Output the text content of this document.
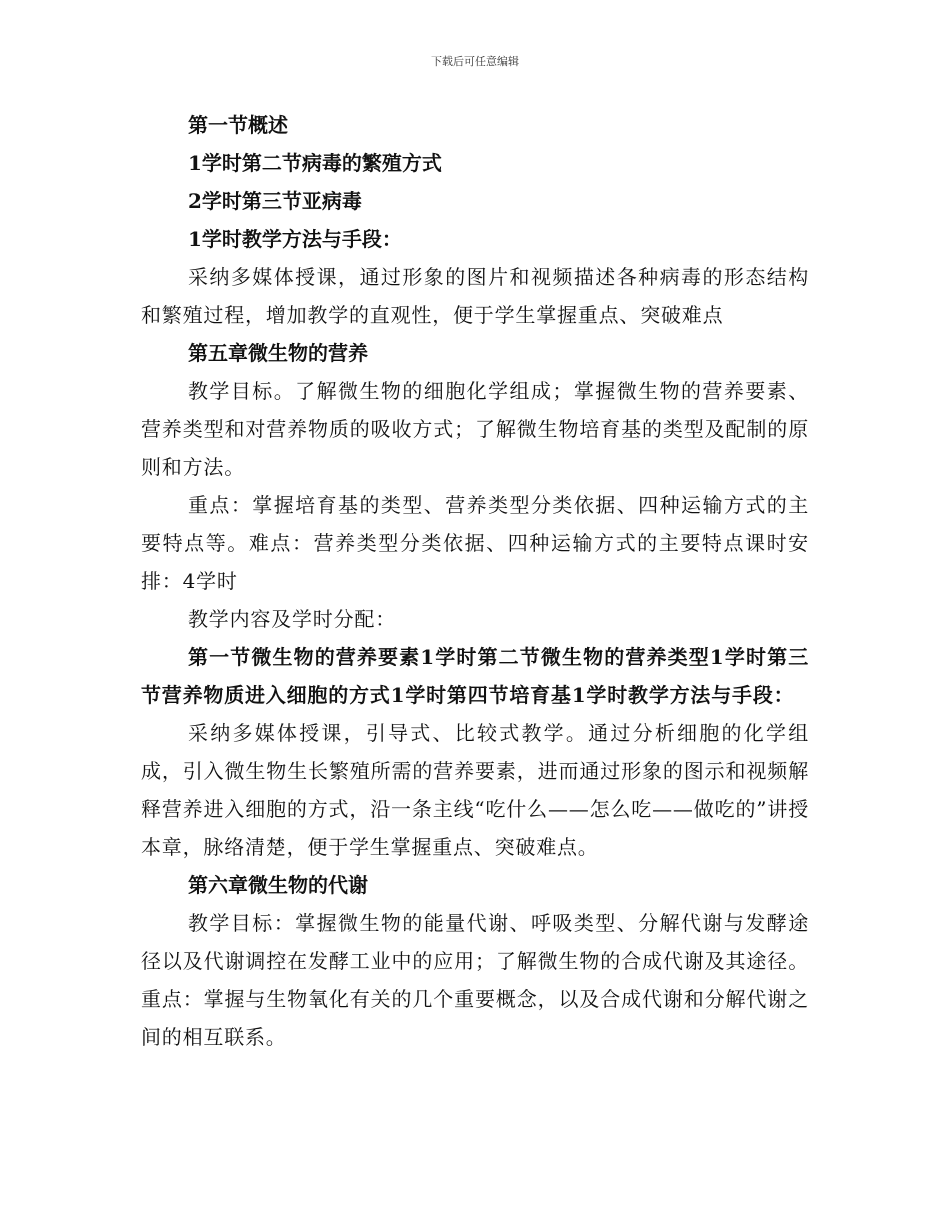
下载后可任意编辑
第一节概述
1学时第二节病毒的繁殖方式
2学时第三节亚病毒
1学时教学方法与手段：

采纳多媒体授课，通过形象的图片和视频描述各种病毒的形态结构和繁殖过程，增加教学的直观性，便于学生掌握重点、突破难点

第五章微生物的营养

教学目标。了解微生物的细胞化学组成；掌握微生物的营养要素、营养类型和对营养物质的吸收方式；了解微生物培育基的类型及配制的原则和方法。

重点：掌握培育基的类型、营养类型分类依据、四种运输方式的主要特点等。难点：营养类型分类依据、四种运输方式的主要特点课时安排：4学时

教学内容及学时分配：

第一节微生物的营养要素1学时第二节微生物的营养类型1学时第三节营养物质进入细胞的方式1学时第四节培育基1学时教学方法与手段：

采纳多媒体授课，引导式、比较式教学。通过分析细胞的化学组成，引入微生物生长繁殖所需的营养要素，进而通过形象的图示和视频解释营养进入细胞的方式，沿一条主线“吃什么——怎么吃——做吃的”讲授本章，脉络清楚，便于学生掌握重点、突破难点。

第六章微生物的代谢

教学目标：掌握微生物的能量代谢、呼吸类型、分解代谢与发酵途径以及代谢调控在发酵工业中的应用；了解微生物的合成代谢及其途径。重点：掌握与生物氧化有关的几个重要概念，以及合成代谢和分解代谢之间的相互联系。
